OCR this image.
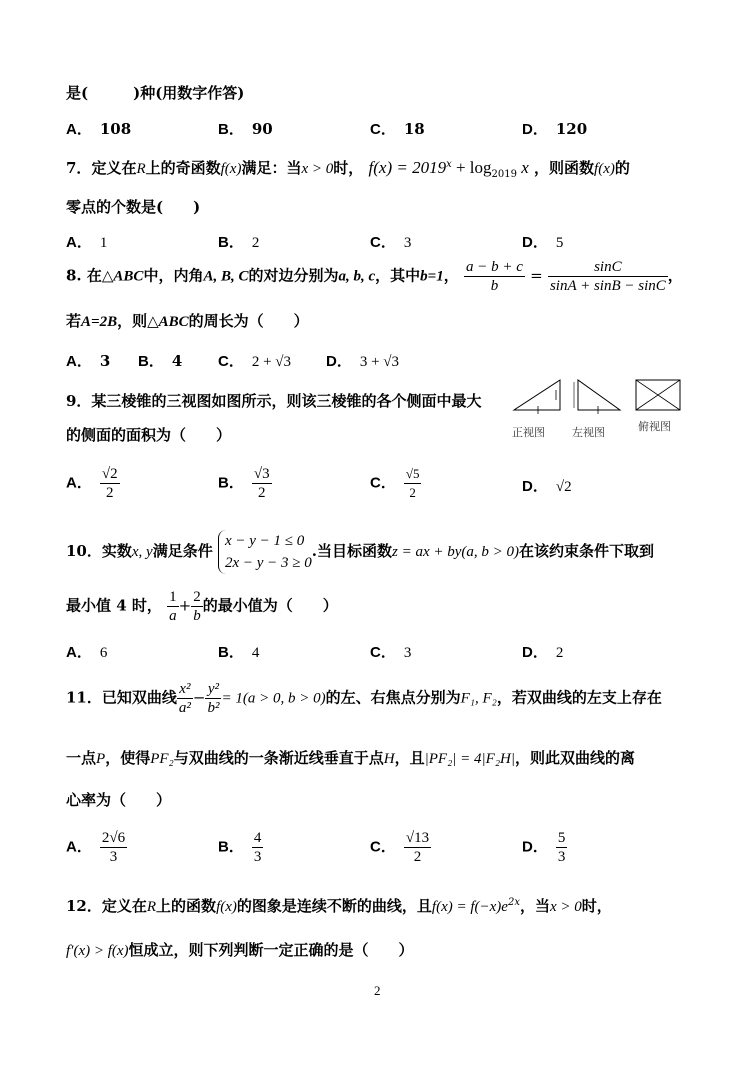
是(　　　)种(用数字作答)
A． 108	B． 90	C． 18	D． 120
7．定义在R上的奇函数f(x)满足：当x > 0时， $f(x) = 2019^x + \log_{2019} x$ ，则函数f(x)的
零点的个数是(　　)
A． 1	B． 2	C． 3	D． 5
8. 在△ABC中，内角A, B, C的对边分别为a, b, c，其中b=1， $\frac{a - b + c}{b} = \frac{\sin C}{\sin A + \sin B - \sin C}$ ，
若A=2B，则△ABC的周长为（　　）
A． 3 B． 4 C． 2 + √3 D． 3 + √3
9．某三棱锥的三视图如图所示，则该三棱锥的各个侧面中最大
的侧面的面积为（　　）	正视图 左视图	俯视图
A． $\frac{√2}{2}$	B． $\frac{√3}{2}$	C． $\frac{√5}{2}$	D． √2
10．实数x, y满足条件
x − y − 1 ≤ 0
2x − y − 3 ≥ 0
.当目标函数z = ax + by(a, b > 0)在该约束条件下取到
最小值 4 时， $\frac{1}{a} + \frac{2}{b}$ 的最小值为（　　）
A． 6	B． 4	C． 3	D． 2
11．已知双曲线 $\frac{\text{x²}}{\text{a²}} - \frac{\text{y²}}{\text{b²}} = 1(a > 0$, b > 0)的左、右焦点分别为F₁, F₂，若双曲线的左支上存在
一点P，使得PF₂与双曲线的一条渐近线垂直于点H，且|PF₂| = 4|F₂H|，则此双曲线的离
心率为（　　）
A． $\frac{2√6}{3}$	B． $\frac{4}{3}$	C． $\frac{√13}{2}$	D． $\frac{5}{3}$
12．定义在R上的函数f(x)的图象是连续不断的曲线，且$f(x) = f(-x)e^{2x}$，当x > 0时，
f′(x) > f(x)恒成立，则下列判断一定正确的是（　　）
2
